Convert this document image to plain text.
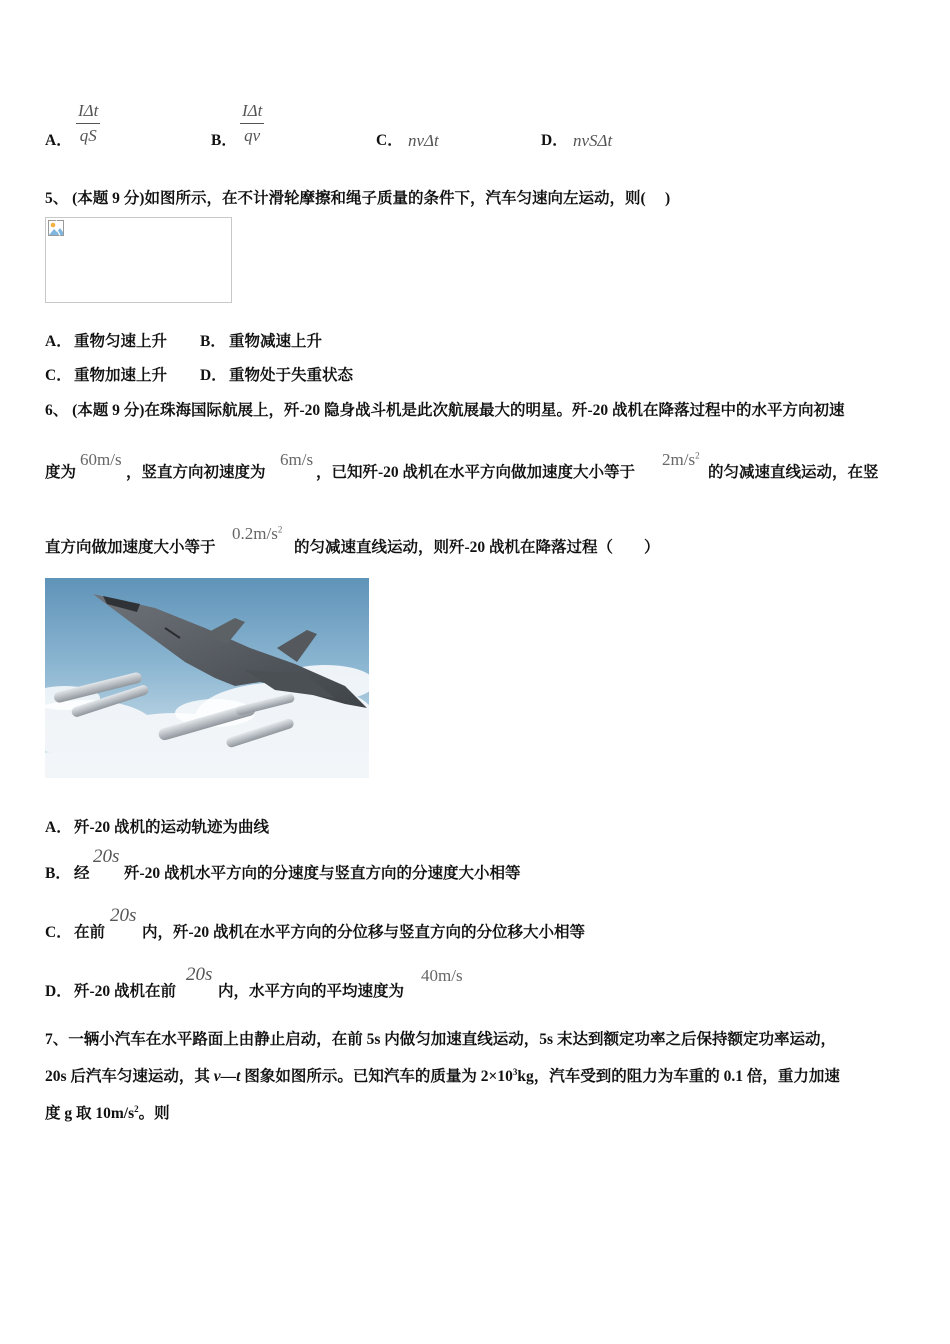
A．
IΔt
qS	B．
IΔt
qv	C． nvΔt	D． nvSΔt
5、 (本题 9 分)如图所示，在不计滑轮摩擦和绳子质量的条件下，汽车匀速向左运动，则(　 )
A． 重物匀速上升 B． 重物减速上升
C． 重物加速上升 D． 重物处于失重状态
6、 (本题 9 分)在珠海国际航展上，歼-20 隐身战斗机是此次航展最大的明星。歼-20 战机在降落过程中的水平方向初速
度为
60m/s
，竖直方向初速度为
6m/s
，已知歼-20 战机在水平方向做加速度大小等于
$2m/s^2$
的匀减速直线运动，在竖
直方向做加速度大小等于
$0.2m/s^2$
的匀减速直线运动，则歼-20 战机在降落过程（　　）
A． 歼-20 战机的运动轨迹为曲线
B． 经
20s
歼-20 战机水平方向的分速度与竖直方向的分速度大小相等
C． 在前
20s
内，歼-20 战机在水平方向的分位移与竖直方向的分位移大小相等
D． 歼-20 战机在前
20s
内，水平方向的平均速度为
40m/s
7、一辆小汽车在水平路面上由静止启动，在前 5s 内做匀加速直线运动，5s 末达到额定功率之后保持额定功率运动，
20s 后汽车匀速运动，其 v—t 图象如图所示。已知汽车的质量为 $2\times 10^3kg$，汽车受到的阻力为车重的 0.1 倍，重力加速
度 g 取 $10m/s^2$。则
